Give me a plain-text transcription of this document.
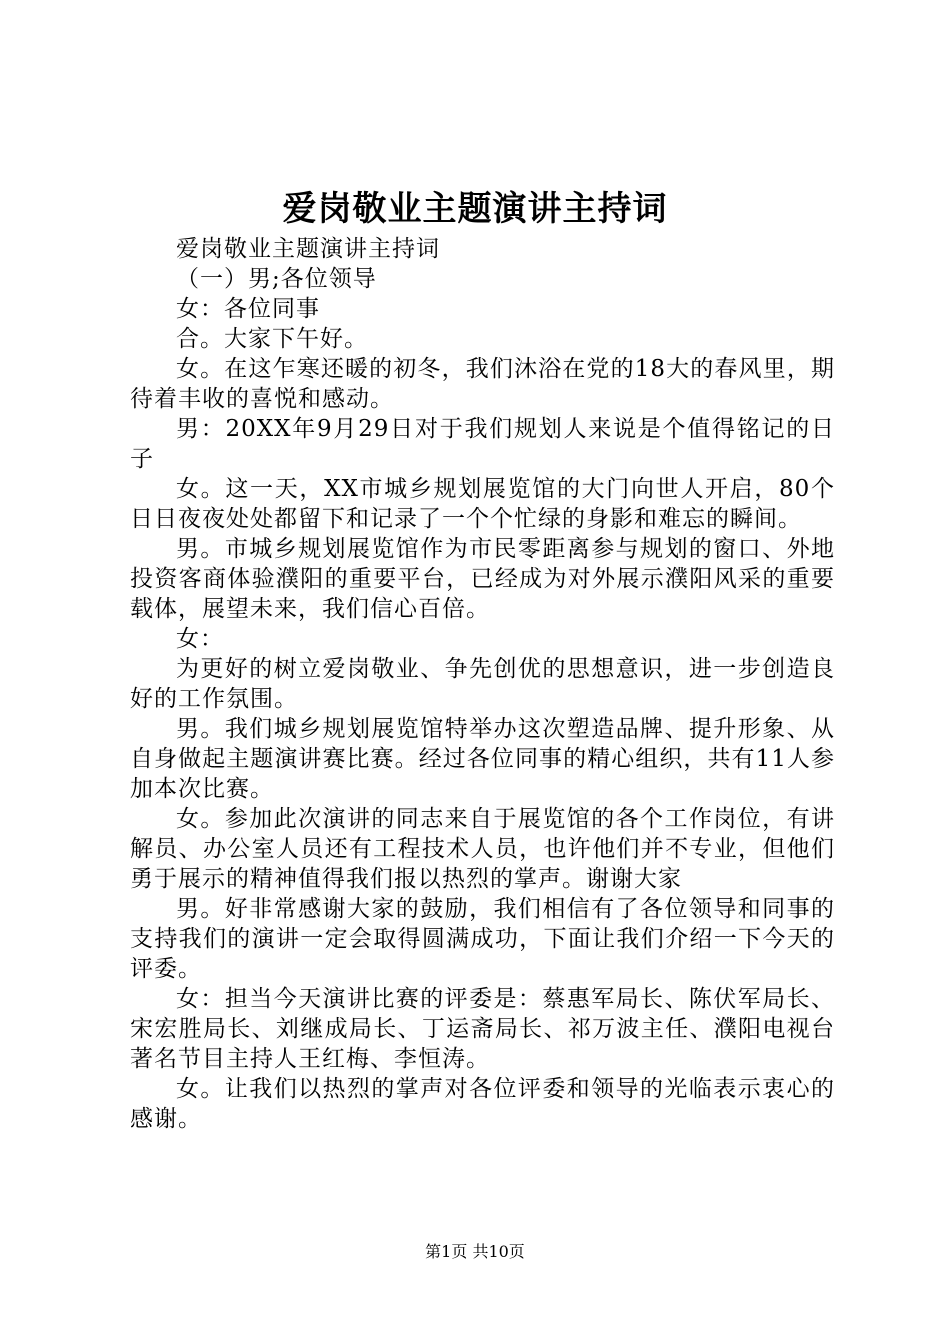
爱岗敬业主题演讲主持词

爱岗敬业主题演讲主持词

（一）男;各位领导

女：各位同事

合。大家下午好。

女。在这乍寒还暖的初冬，我们沐浴在党的18大的春风里，期待着丰收的喜悦和感动。

男：20XX年9月29日对于我们规划人来说是个值得铭记的日子

女。这一天，XX市城乡规划展览馆的大门向世人开启，80个日日夜夜处处都留下和记录了一个个忙绿的身影和难忘的瞬间。

男。市城乡规划展览馆作为市民零距离参与规划的窗口、外地投资客商体验濮阳的重要平台，已经成为对外展示濮阳风采的重要载体，展望未来，我们信心百倍。

女：

为更好的树立爱岗敬业、争先创优的思想意识，进一步创造良好的工作氛围。

男。我们城乡规划展览馆特举办这次塑造品牌、提升形象、从自身做起主题演讲赛比赛。经过各位同事的精心组织，共有11人参加本次比赛。

女。参加此次演讲的同志来自于展览馆的各个工作岗位，有讲解员、办公室人员还有工程技术人员，也许他们并不专业，但他们勇于展示的精神值得我们报以热烈的掌声。谢谢大家

男。好非常感谢大家的鼓励，我们相信有了各位领导和同事的支持我们的演讲一定会取得圆满成功，下面让我们介绍一下今天的评委。

女：担当今天演讲比赛的评委是：蔡惠军局长、陈伏军局长、宋宏胜局长、刘继成局长、丁运斋局长、祁万波主任、濮阳电视台著名节目主持人王红梅、李恒涛。

女。让我们以热烈的掌声对各位评委和领导的光临表示衷心的感谢。

第1页 共10页
